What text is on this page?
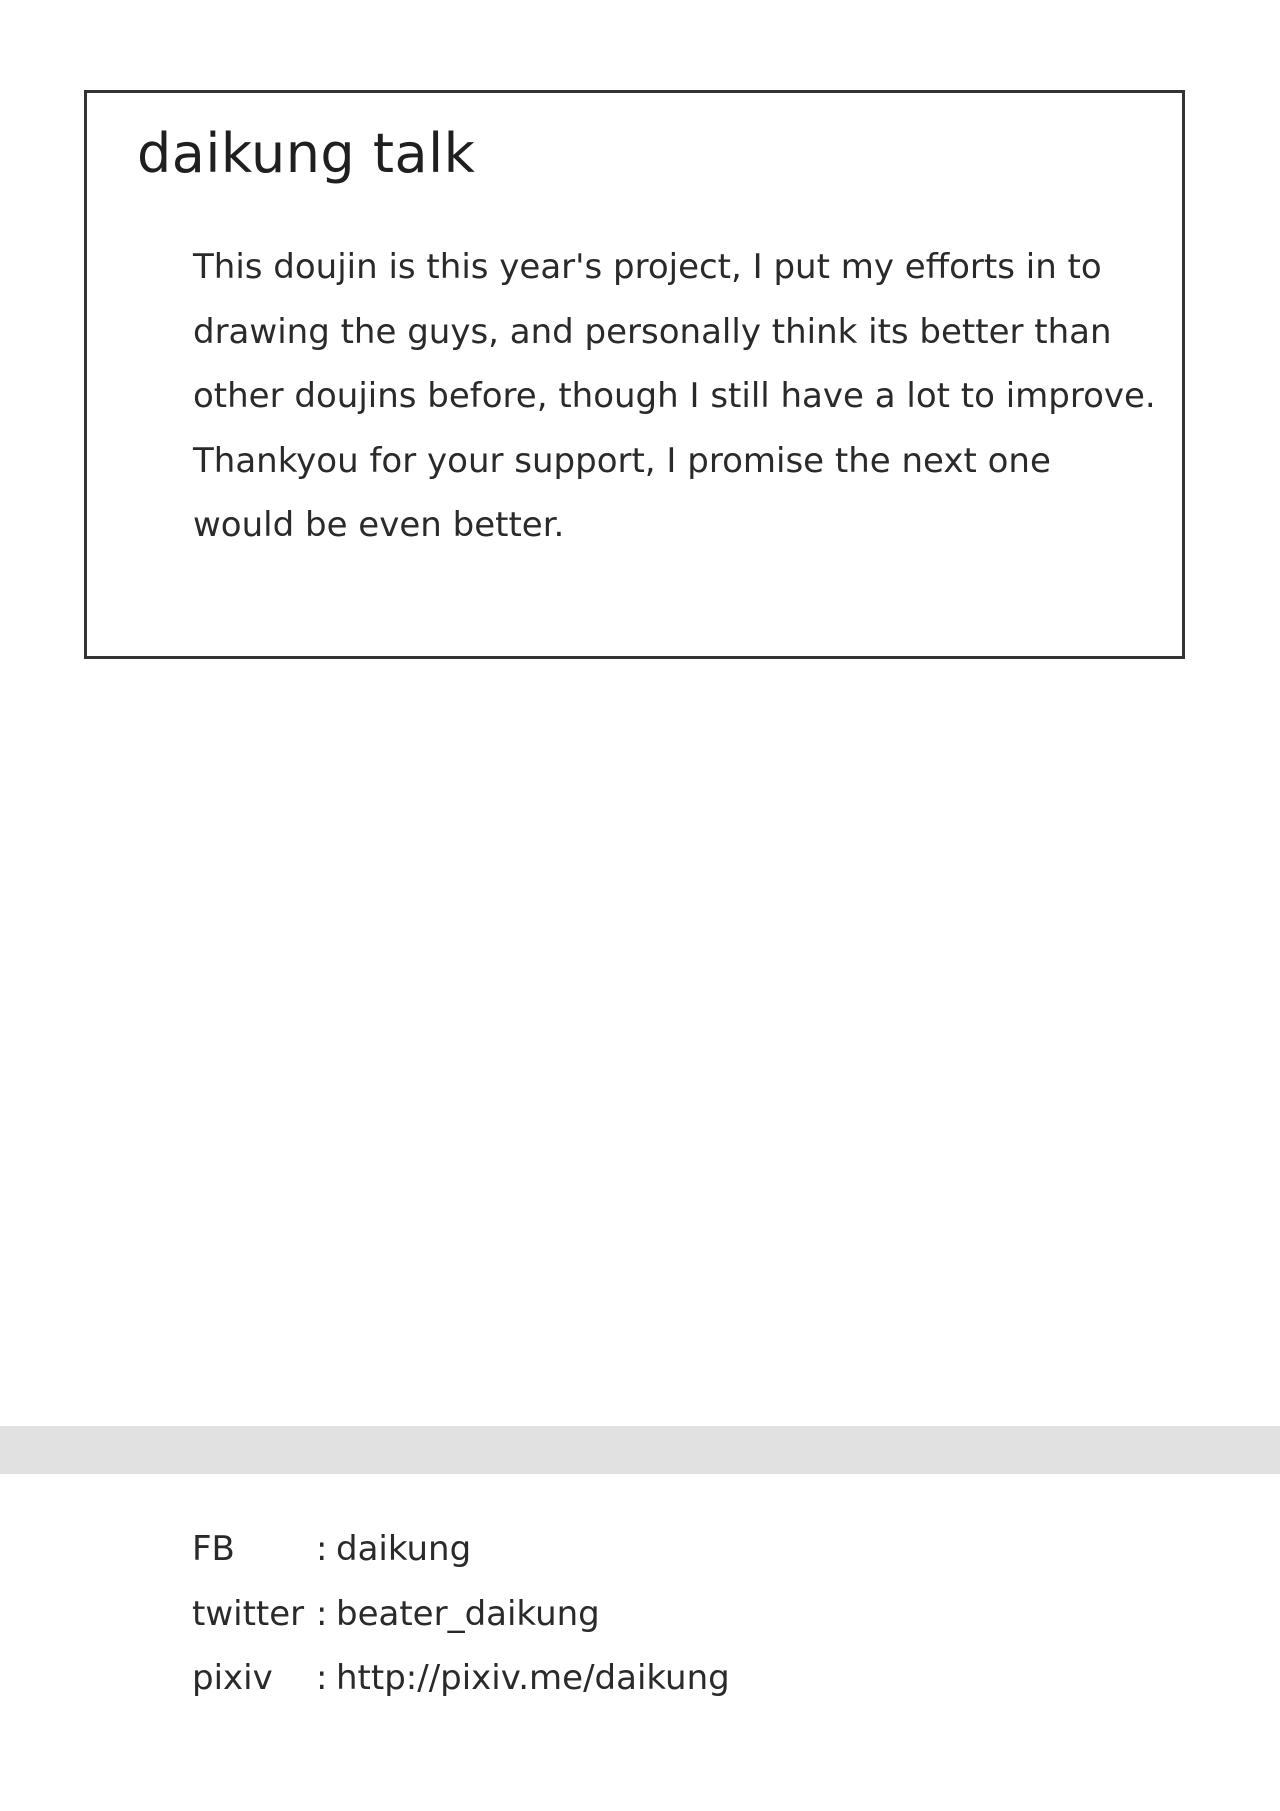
daikung talk

This doujin is this year's project, I put my efforts in to
drawing the guys, and personally think its better than
other doujins before, though I still have a lot to improve.
Thankyou for your support, I promise the next one
would be even better.

FB : daikung
twitter : beater_daikung
pixiv : http://pixiv.me/daikung
